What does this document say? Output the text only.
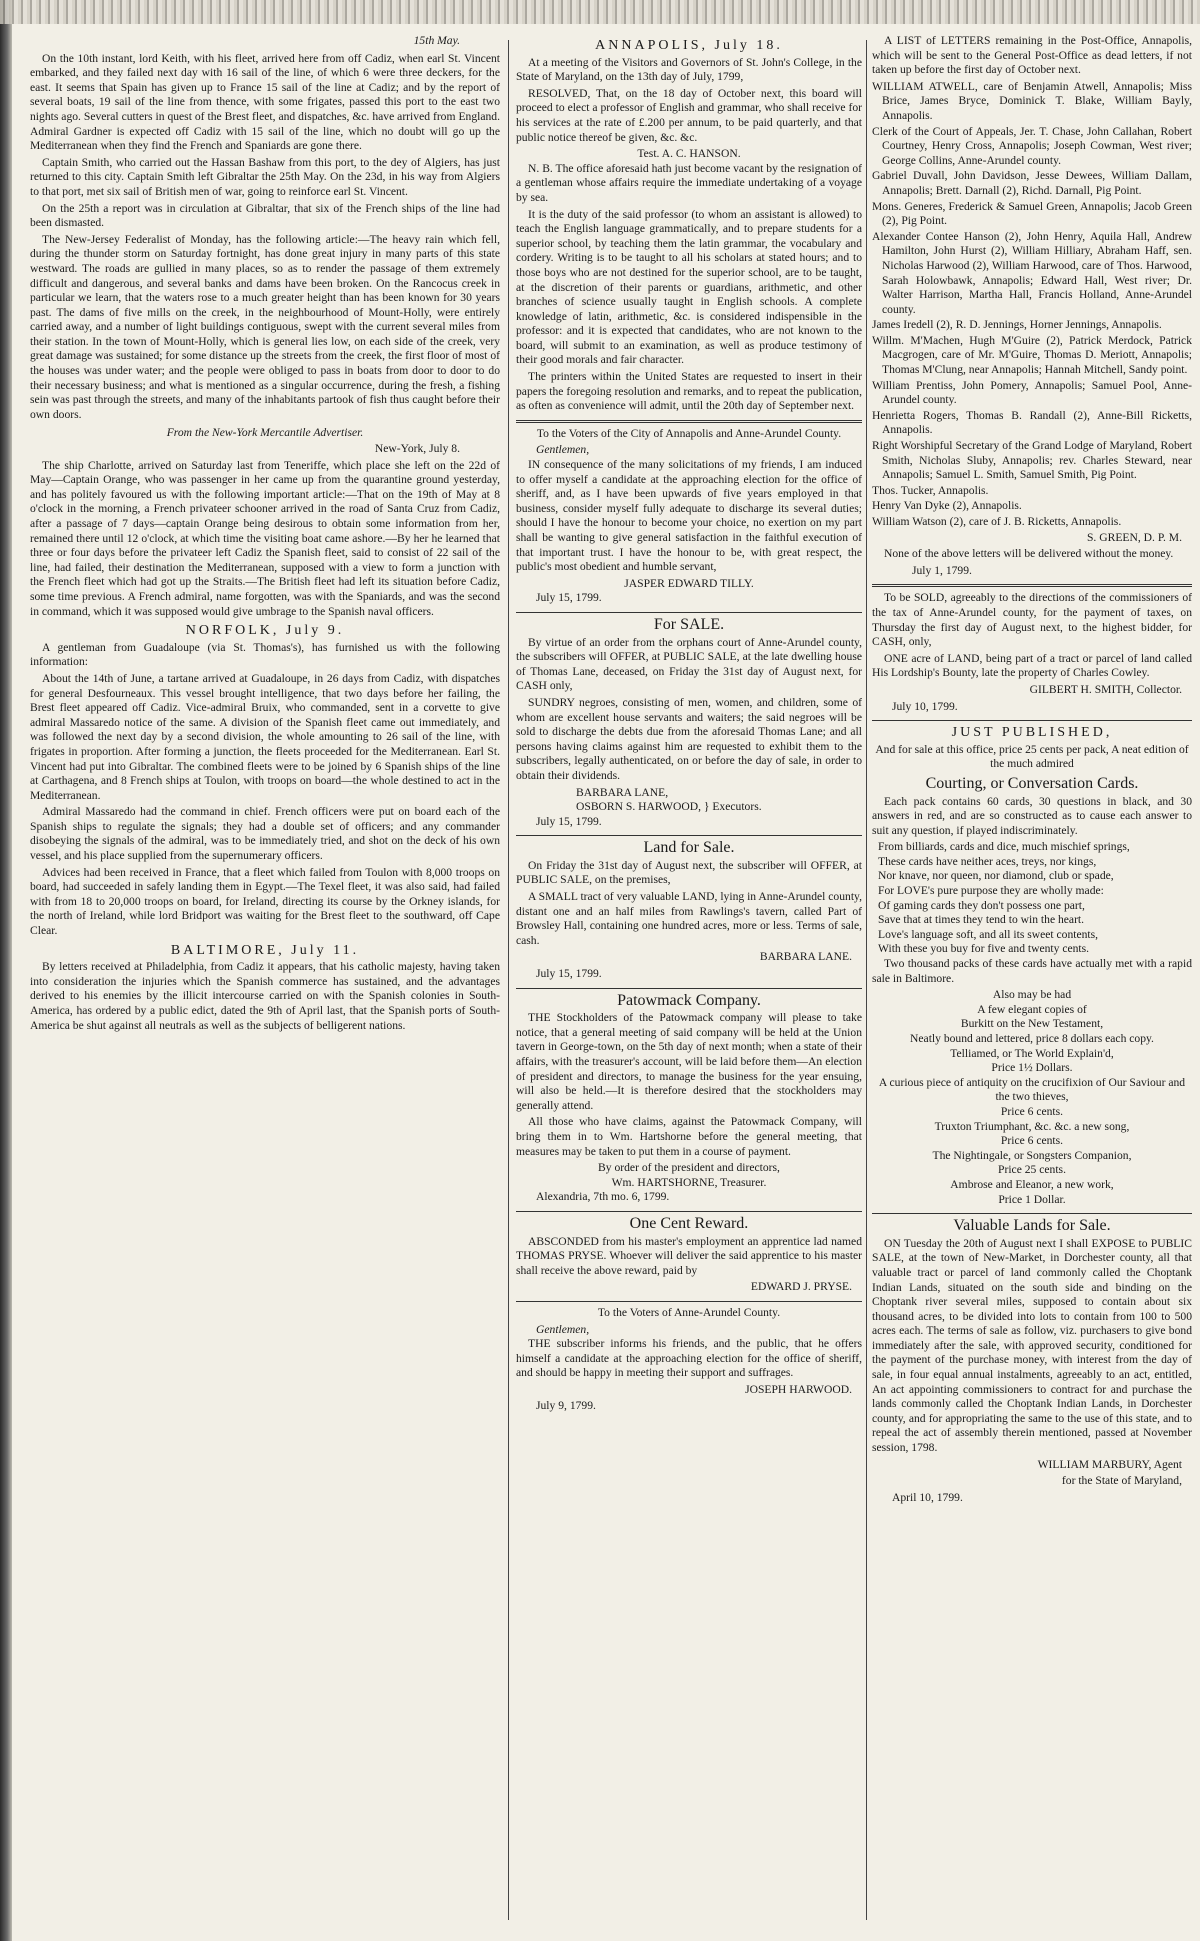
15th May.

On the 10th instant, lord Keith, with his fleet, arrived here from off Cadiz, when earl St. Vincent embarked, and they failed next day with 16 sail of the line, of which 6 were three deckers, for the east. It seems that Spain has given up to France 15 sail of the line at Cadiz; and by the report of several boats, 19 sail of the line from thence, with some frigates, passed this port to the east two nights ago. Several cutters in quest of the Brest fleet, and dispatches, &c. have arrived from England. Admiral Gardner is expected off Cadiz with 15 sail of the line, which no doubt will go up the Mediterranean when they find the French and Spaniards are gone there.

Captain Smith, who carried out the Hassan Bashaw from this port, to the dey of Algiers, has just returned to this city. Captain Smith left Gibraltar the 25th May. On the 23d, in his way from Algiers to that port, met six sail of British men of war, going to reinforce earl St. Vincent.

On the 25th a report was in circulation at Gibraltar, that six of the French ships of the line had been dismasted.

The New-Jersey Federalist of Monday, has the following article:—The heavy rain which fell, during the thunder storm on Saturday fortnight, has done great injury in many parts of this state westward. The roads are gullied in many places, so as to render the passage of them extremely difficult and dangerous, and several banks and dams have been broken. On the Rancocus creek in particular we learn, that the waters rose to a much greater height than has been known for 30 years past. The dams of five mills on the creek, in the neighbourhood of Mount-Holly, were entirely carried away, and a number of light buildings contiguous, swept with the current several miles from their station. In the town of Mount-Holly, which is general lies low, on each side of the creek, very great damage was sustained; for some distance up the streets from the creek, the first floor of most of the houses was under water; and the people were obliged to pass in boats from door to door to do their necessary business; and what is mentioned as a singular occurrence, during the fresh, a fishing sein was past through the streets, and many of the inhabitants partook of fish thus caught before their own doors.

From the New-York Mercantile Advertiser.
New-York, July 8.

The ship Charlotte, arrived on Saturday last from Teneriffe, which place she left on the 22d of May—Captain Orange, who was passenger in her came up from the quarantine ground yesterday, and has politely favoured us with the following important article:—That on the 19th of May at 8 o'clock in the morning, a French privateer schooner arrived in the road of Santa Cruz from Cadiz, after a passage of 7 days—captain Orange being desirous to obtain some information from her, remained there until 12 o'clock, at which time the visiting boat came ashore.—By her he learned that three or four days before the privateer left Cadiz the Spanish fleet, said to consist of 22 sail of the line, had failed, their destination the Mediterranean, supposed with a view to form a junction with the French fleet which had got up the Straits.—The British fleet had left its situation before Cadiz, some time previous. A French admiral, name forgotten, was with the Spaniards, and was the second in command, which it was supposed would give umbrage to the Spanish naval officers.

NORFOLK, July 9.

A gentleman from Guadaloupe (via St. Thomas's), has furnished us with the following information:

About the 14th of June, a tartane arrived at Guadaloupe, in 26 days from Cadiz, with dispatches for general Desfourneaux. This vessel brought intelligence, that two days before her failing, the Brest fleet appeared off Cadiz. Vice-admiral Bruix, who commanded, sent in a corvette to give admiral Massaredo notice of the same. A division of the Spanish fleet came out immediately, and was followed the next day by a second division, the whole amounting to 26 sail of the line, with frigates in proportion. After forming a junction, the fleets proceeded for the Mediterranean. Earl St. Vincent had put into Gibraltar. The combined fleets were to be joined by 6 Spanish ships of the line at Carthagena, and 8 French ships at Toulon, with troops on board—the whole destined to act in the Mediterranean.

Admiral Massaredo had the command in chief. French officers were put on board each of the Spanish ships to regulate the signals; they had a double set of officers; and any commander disobeying the signals of the admiral, was to be immediately tried, and shot on the deck of his own vessel, and his place supplied from the supernumerary officers.

Advices had been received in France, that a fleet which failed from Toulon with 8,000 troops on board, had succeeded in safely landing them in Egypt.—The Texel fleet, it was also said, had failed with from 18 to 20,000 troops on board, for Ireland, directing its course by the Orkney islands, for the north of Ireland, while lord Bridport was waiting for the Brest fleet to the southward, off Cape Clear.

BALTIMORE, July 11.

By letters received at Philadelphia, from Cadiz it appears, that his catholic majesty, having taken into consideration the injuries which the Spanish commerce has sustained, and the advantages derived to his enemies by the illicit intercourse carried on with the Spanish colonies in South-America, has ordered by a public edict, dated the 9th of April last, that the Spanish ports of South-America be shut against all neutrals as well as the subjects of belligerent nations.

ANNAPOLIS, July 18.

At a meeting of the Visitors and Governors of St. John's College, in the State of Maryland, on the 13th day of July, 1799,

RESOLVED, That, on the 18 day of October next, this board will proceed to elect a professor of English and grammar, who shall receive for his services at the rate of £.200 per annum, to be paid quarterly, and that public notice thereof be given, &c. &c.

Test. A. C. HANSON.

N. B. The office aforesaid hath just become vacant by the resignation of a gentleman whose affairs require the immediate undertaking of a voyage by sea.

It is the duty of the said professor (to whom an assistant is allowed) to teach the English language grammatically, and to prepare students for a superior school, by teaching them the latin grammar, the vocabulary and cordery. Writing is to be taught to all his scholars at stated hours; and to those boys who are not destined for the superior school, are to be taught, at the discretion of their parents or guardians, arithmetic, and other branches of science usually taught in English schools. A complete knowledge of latin, arithmetic, &c. is considered indispensible in the professor: and it is expected that candidates, who are not known to the board, will submit to an examination, as well as produce testimony of their good morals and fair character.

The printers within the United States are requested to insert in their papers the foregoing resolution and remarks, and to repeat the publication, as often as convenience will admit, until the 20th day of September next.

To the Voters of the City of Annapolis and Anne-Arundel County.
Gentlemen,

IN consequence of the many solicitations of my friends, I am induced to offer myself a candidate at the approaching election for the office of sheriff, and, as I have been upwards of five years employed in that business, consider myself fully adequate to discharge its several duties; should I have the honour to become your choice, no exertion on my part shall be wanting to give general satisfaction in the faithful execution of that important trust. I have the honour to be, with great respect, the public's most obedient and humble servant,

JASPER EDWARD TILLY.
July 15, 1799.
For SALE.

By virtue of an order from the orphans court of Anne-Arundel county, the subscribers will OFFER, at PUBLIC SALE, at the late dwelling house of Thomas Lane, deceased, on Friday the 31st day of August next, for CASH only,

SUNDRY negroes, consisting of men, women, and children, some of whom are excellent house servants and waiters; the said negroes will be sold to discharge the debts due from the aforesaid Thomas Lane; and all persons having claims against him are requested to exhibit them to the subscribers, legally authenticated, on or before the day of sale, in order to obtain their dividends.

BARBARA LANE,
OSBORN S. HARWOOD, } Executors.
July 15, 1799.
Land for Sale.

On Friday the 31st day of August next, the subscriber will OFFER, at PUBLIC SALE, on the premises,

A SMALL tract of very valuable LAND, lying in Anne-Arundel county, distant one and an half miles from Rawlings's tavern, called Part of Browsley Hall, containing one hundred acres, more or less. Terms of sale, cash.

BARBARA LANE.
July 15, 1799.
Patowmack Company.

THE Stockholders of the Patowmack company will please to take notice, that a general meeting of said company will be held at the Union tavern in George-town, on the 5th day of next month; when a state of their affairs, with the treasurer's account, will be laid before them—An election of president and directors, to manage the business for the year ensuing, will also be held.—It is therefore desired that the stockholders may generally attend.

All those who have claims, against the Patowmack Company, will bring them in to Wm. Hartshorne before the general meeting, that measures may be taken to put them in a course of payment.

By order of the president and directors,
Wm. HARTSHORNE, Treasurer.
Alexandria, 7th mo. 6, 1799.
One Cent Reward.

ABSCONDED from his master's employment an apprentice lad named THOMAS PRYSE. Whoever will deliver the said apprentice to his master shall receive the above reward, paid by

EDWARD J. PRYSE.
To the Voters of Anne-Arundel County.
Gentlemen,

THE subscriber informs his friends, and the public, that he offers himself a candidate at the approaching election for the office of sheriff, and should be happy in meeting their support and suffrages.

JOSEPH HARWOOD.
July 9, 1799.

A LIST of LETTERS remaining in the Post-Office, Annapolis, which will be sent to the General Post-Office as dead letters, if not taken up before the first day of October next.

WILLIAM ATWELL, care of Benjamin Atwell, Annapolis; Miss Brice, James Bryce, Dominick T. Blake, William Bayly, Annapolis.

Clerk of the Court of Appeals, Jer. T. Chase, John Callahan, Robert Courtney, Henry Cross, Annapolis; Joseph Cowman, West river; George Collins, Anne-Arundel county.

Gabriel Duvall, John Davidson, Jesse Dewees, William Dallam, Annapolis; Brett. Darnall (2), Richd. Darnall, Pig Point.

Mons. Generes, Frederick & Samuel Green, Annapolis; Jacob Green (2), Pig Point.

Alexander Contee Hanson (2), John Henry, Aquila Hall, Andrew Hamilton, John Hurst (2), William Hilliary, Abraham Haff, sen. Nicholas Harwood (2), William Harwood, care of Thos. Harwood, Sarah Holowbawk, Annapolis; Edward Hall, West river; Dr. Walter Harrison, Martha Hall, Francis Holland, Anne-Arundel county.

James Iredell (2), R. D. Jennings, Horner Jennings, Annapolis.

Willm. M'Machen, Hugh M'Guire (2), Patrick Merdock, Patrick Macgrogen, care of Mr. M'Guire, Thomas D. Meriott, Annapolis; Thomas M'Clung, near Annapolis; Hannah Mitchell, Sandy point.

William Prentiss, John Pomery, Annapolis; Samuel Pool, Anne-Arundel county.

Henrietta Rogers, Thomas B. Randall (2), Anne-Bill Ricketts, Annapolis.

Right Worshipful Secretary of the Grand Lodge of Maryland, Robert Smith, Nicholas Sluby, Annapolis; rev. Charles Steward, near Annapolis; Samuel L. Smith, Samuel Smith, Pig Point.

Thos. Tucker, Annapolis.

Henry Van Dyke (2), Annapolis.

William Watson (2), care of J. B. Ricketts, Annapolis.

S. GREEN, D. P. M.

None of the above letters will be delivered without the money.

July 1, 1799.

To be SOLD, agreeably to the directions of the commissioners of the tax of Anne-Arundel county, for the payment of taxes, on Thursday the first day of August next, to the highest bidder, for CASH, only,

ONE acre of LAND, being part of a tract or parcel of land called His Lordship's Bounty, late the property of Charles Cowley.

GILBERT H. SMITH, Collector.
July 10, 1799.
JUST PUBLISHED,
And for sale at this office, price 25 cents per pack, A neat edition of the much admired
Courting, or Conversation Cards.

Each pack contains 60 cards, 30 questions in black, and 30 answers in red, and are so constructed as to cause each answer to suit any question, if played indiscriminately.

From billiards, cards and dice, much mischief springs,

These cards have neither aces, treys, nor kings,

Nor knave, nor queen, nor diamond, club or spade,

For LOVE's pure purpose they are wholly made:

Of gaming cards they don't possess one part,

Save that at times they tend to win the heart.

Love's language soft, and all its sweet contents,

With these you buy for five and twenty cents.

Two thousand packs of these cards have actually met with a rapid sale in Baltimore.

Also may be had
A few elegant copies of
Burkitt on the New Testament,
Neatly bound and lettered, price 8 dollars each copy.
Telliamed, or The World Explain'd,
Price 1½ Dollars.
A curious piece of antiquity on the crucifixion of Our Saviour and the two thieves,
Price 6 cents.
Truxton Triumphant, &c. &c. a new song,
Price 6 cents.
The Nightingale, or Songsters Companion,
Price 25 cents.
Ambrose and Eleanor, a new work,
Price 1 Dollar.
Valuable Lands for Sale.

ON Tuesday the 20th of August next I shall EXPOSE to PUBLIC SALE, at the town of New-Market, in Dorchester county, all that valuable tract or parcel of land commonly called the Choptank Indian Lands, situated on the south side and binding on the Choptank river several miles, supposed to contain about six thousand acres, to be divided into lots to contain from 100 to 500 acres each. The terms of sale as follow, viz. purchasers to give bond immediately after the sale, with approved security, conditioned for the payment of the purchase money, with interest from the day of sale, in four equal annual instalments, agreeably to an act, entitled, An act appointing commissioners to contract for and purchase the lands commonly called the Choptank Indian Lands, in Dorchester county, and for appropriating the same to the use of this state, and to repeal the act of assembly therein mentioned, passed at November session, 1798.

WILLIAM MARBURY, Agent
for the State of Maryland,
April 10, 1799.
